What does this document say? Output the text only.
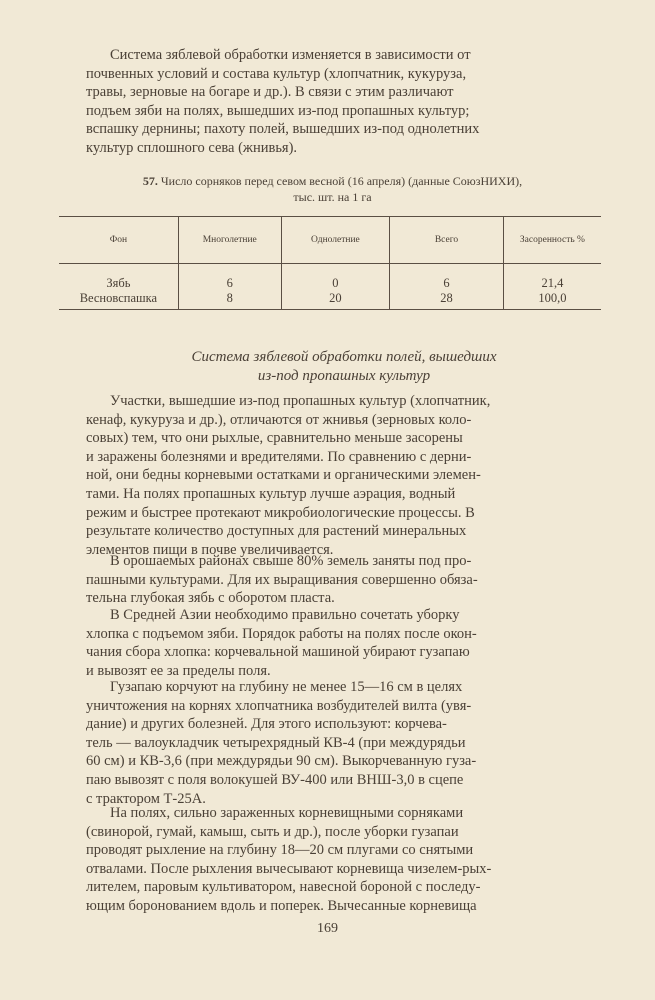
Система зяблевой обработки изменяется в зависимости от
почвенных условий и состава культур (хлопчатник, кукуруза,
травы, зерновые на богаре и др.). В связи с этим различают
подъем зяби на полях, вышедших из-под пропашных культур;
вспашку дернины; пахоту полей, вышедших из-под однолетних
культур сплошного сева (жнивья).

57. Число сорняков перед севом весной (16 апреля) (данные СоюзНИХИ),
тыс. шт. на 1 га

Фон	Многолетние	Однолетние	Всего	Засоренность %
Зябь	6	0	6	21,4
Весновспашка	8	20	28	100,0

Система зяблевой обработки полей, вышедших
из-под пропашных культур

Участки, вышедшие из-под пропашных культур (хлопчатник,
кенаф, кукуруза и др.), отличаются от жнивья (зерновых коло-
совых) тем, что они рыхлые, сравнительно меньше засорены
и заражены болезнями и вредителями. По сравнению с дерни-
ной, они бедны корневыми остатками и органическими элемен-
тами. На полях пропашных культур лучше аэрация, водный
режим и быстрее протекают микробиологические процессы. В
результате количество доступных для растений минеральных
элементов пищи в почве увеличивается.

В орошаемых районах свыше 80% земель заняты под про-
пашными культурами. Для их выращивания совершенно обяза-
тельна глубокая зябь с оборотом пласта.

В Средней Азии необходимо правильно сочетать уборку
хлопка с подъемом зяби. Порядок работы на полях после окон-
чания сбора хлопка: корчевальной машиной убирают гузапаю
и вывозят ее за пределы поля.

Гузапаю корчуют на глубину не менее 15—16 см в целях
уничтожения на корнях хлопчатника возбудителей вилта (увя-
дание) и других болезней. Для этого используют: корчева-
тель — валоукладчик четырехрядный КВ-4 (при междурядьи
60 см) и КВ-3,6 (при междурядьи 90 см). Выкорчеванную гуза-
паю вывозят с поля волокушей ВУ-400 или ВНШ-3,0 в сцепе
с трактором Т-25А.

На полях, сильно зараженных корневищными сорняками
(свинорой, гумай, камыш, сыть и др.), после уборки гузапаи
проводят рыхление на глубину 18—20 см плугами со снятыми
отвалами. После рыхления вычесывают корневища чизелем-рых-
лителем, паровым культиватором, навесной бороной с последу-
ющим боронованием вдоль и поперек. Вычесанные корневища

169
